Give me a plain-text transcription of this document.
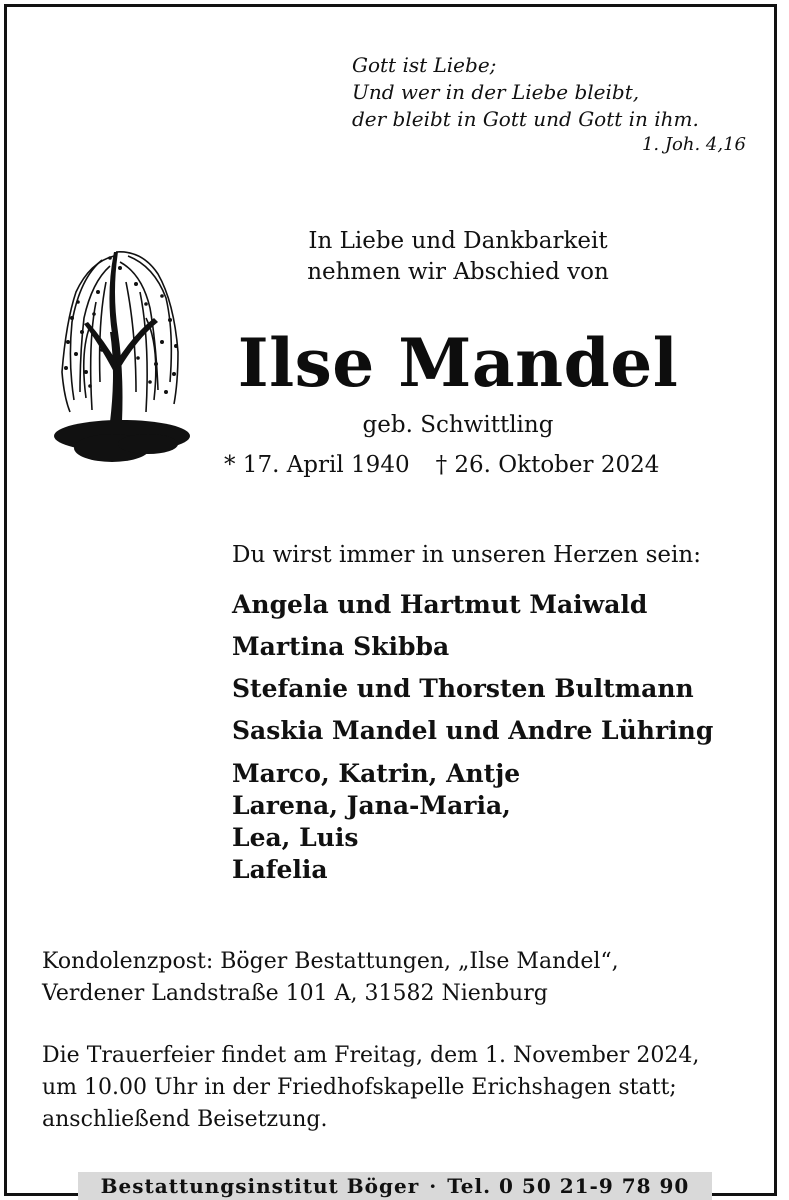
Gott ist Liebe;
Und wer in der Liebe bleibt,
der bleibt in Gott und Gott in ihm.
1. Joh. 4,16
In Liebe und Dankbarkeit
nehmen wir Abschied von
Ilse Mandel
geb. Schwittling
* 17. April 1940 † 26. Oktober 2024
Du wirst immer in unseren Herzen sein:
Angela und Hartmut Maiwald
Martina Skibba
Stefanie und Thorsten Bultmann
Saskia Mandel und Andre Lühring
Marco, Katrin, Antje
Larena, Jana-Maria,
Lea, Luis
Lafelia
Kondolenzpost: Böger Bestattungen, „Ilse Mandel“,
Verdener Landstraße 101 A, 31582 Nienburg
Die Trauerfeier findet am Freitag, dem 1. November 2024,
um 10.00 Uhr in der Friedhofskapelle Erichshagen statt;
anschließend Beisetzung.
Bestattungsinstitut Böger · Tel. 0 50 21-9 78 90
